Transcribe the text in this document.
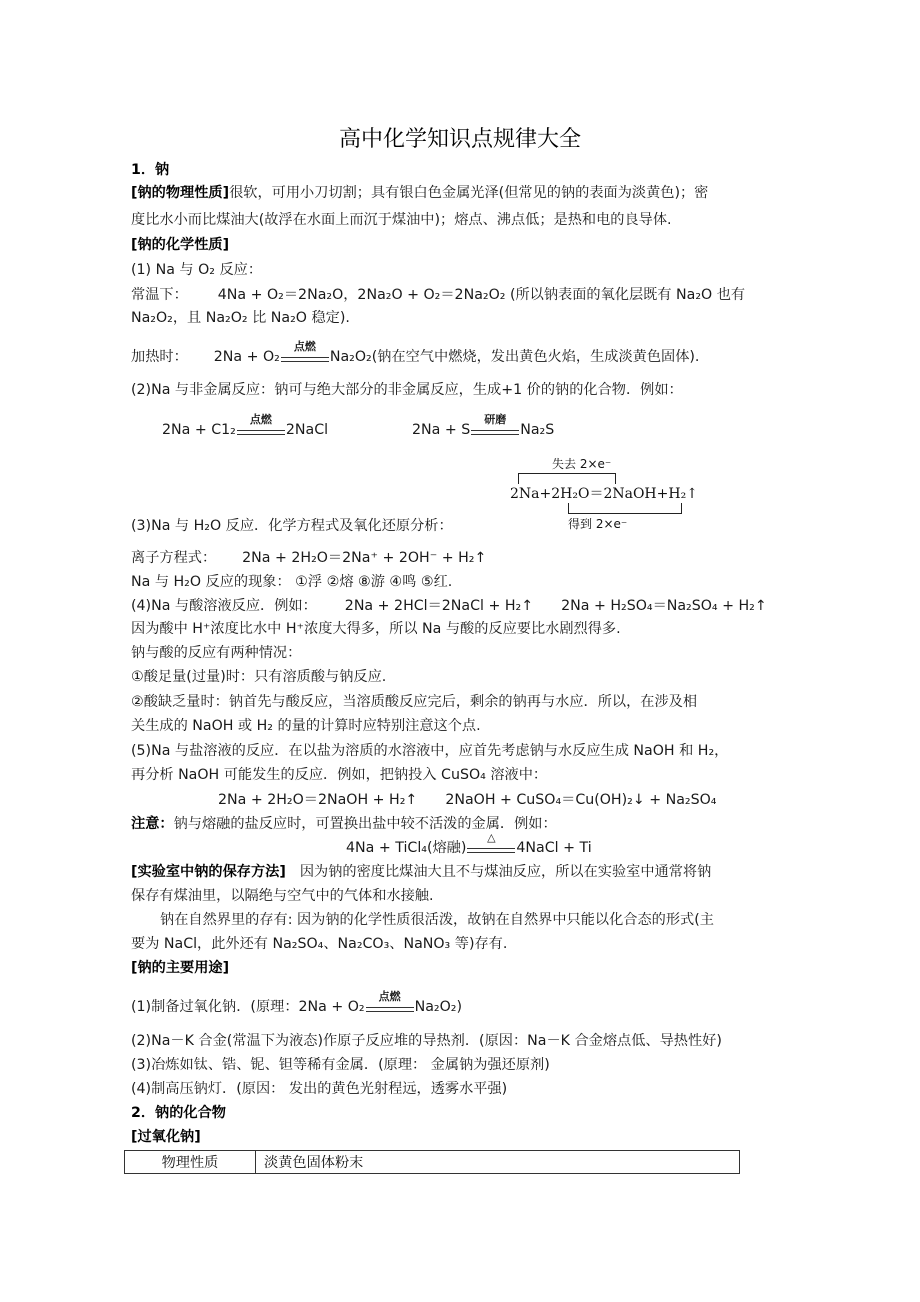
高中化学知识点规律大全
1．钠
[钠的物理性质]很软，可用小刀切割；具有银白色金属光泽(但常见的钠的表面为淡黄色)；密
度比水小而比煤油大(故浮在水面上而沉于煤油中)；熔点、沸点低；是热和电的良导体.
[钠的化学性质]
(1) Na 与 O₂ 反应：
常温下： 4Na + O₂＝2Na₂O，2Na₂O + O₂＝2Na₂O₂ (所以钠表面的氧化层既有 Na₂O 也有
Na₂O₂，且 Na₂O₂ 比 Na₂O 稳定).
加热时： 2Na + O₂
点燃
Na₂O₂(钠在空气中燃烧，发出黄色火焰，生成淡黄色固体).
(2)Na 与非金属反应：钠可与绝大部分的非金属反应，生成+1 价的钠的化合物．例如：
2Na + C1₂
点燃
2NaCl	2Na + S
研磨
Na₂S
失去 2×e⁻
2Na+2H₂O＝2NaOH+H₂↑
得到 2×e⁻
(3)Na 与 H₂O 反应．化学方程式及氧化还原分析：
离子方程式： 2Na + 2H₂O＝2Na⁺ + 2OH⁻ + H₂↑
Na 与 H₂O 反应的现象： ①浮 ②熔 ⑧游 ④鸣 ⑤红.
(4)Na 与酸溶液反应．例如： 2Na + 2HCl＝2NaCl + H₂↑ 2Na + H₂SO₄＝Na₂SO₄ + H₂↑
因为酸中 H⁺浓度比水中 H⁺浓度大得多，所以 Na 与酸的反应要比水剧烈得多.
钠与酸的反应有两种情况：
①酸足量(过量)时：只有溶质酸与钠反应.
②酸缺乏量时：钠首先与酸反应，当溶质酸反应完后，剩余的钠再与水应．所以，在涉及相
关生成的 NaOH 或 H₂ 的量的计算时应特别注意这个点.
(5)Na 与盐溶液的反应．在以盐为溶质的水溶液中，应首先考虑钠与水反应生成 NaOH 和 H₂，
再分析 NaOH 可能发生的反应．例如，把钠投入 CuSO₄ 溶液中：
2Na + 2H₂O＝2NaOH + H₂↑ 2NaOH + CuSO₄＝Cu(OH)₂↓ + Na₂SO₄
注意：钠与熔融的盐反应时，可置换出盐中较不活泼的金属．例如：
4Na + TiCl₄(熔融)
△
4NaCl + Ti
[实验室中钠的保存方法] 因为钠的密度比煤油大且不与煤油反应，所以在实验室中通常将钠
保存有煤油里，以隔绝与空气中的气体和水接触.
钠在自然界里的存有: 因为钠的化学性质很活泼，故钠在自然界中只能以化合态的形式(主
要为 NaCl，此外还有 Na₂SO₄、Na₂CO₃、NaNO₃ 等)存有.
[钠的主要用途]
(1)制备过氧化钠．(原理：2Na + O₂
点燃
Na₂O₂)
(2)Na－K 合金(常温下为液态)作原子反应堆的导热剂．(原因：Na－K 合金熔点低、导热性好)
(3)冶炼如钛、锆、铌、钽等稀有金属．(原理： 金属钠为强还原剂)
(4)制高压钠灯．(原因： 发出的黄色光射程远，透雾水平强)
2．钠的化合物
[过氧化钠]
物理性质	淡黄色固体粉末
